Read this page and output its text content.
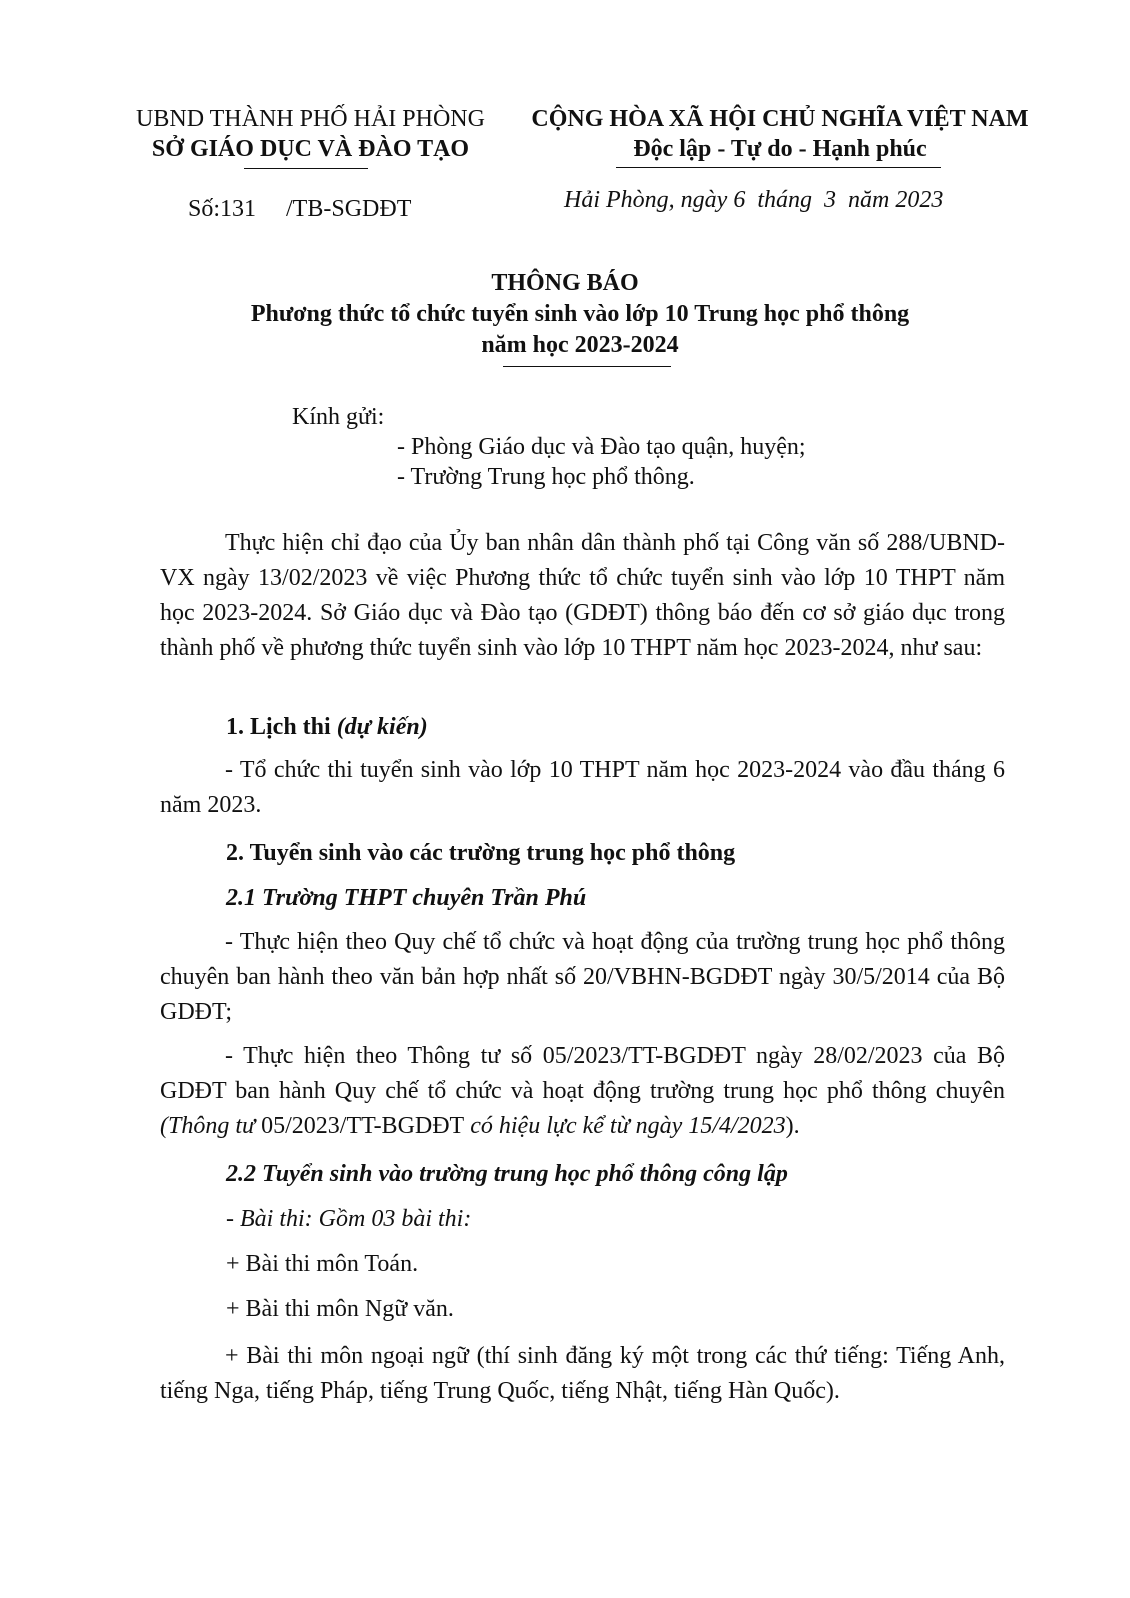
UBND THÀNH PHỐ HẢI PHÒNG
SỞ GIÁO DỤC VÀ ĐÀO TẠO
CỘNG HÒA XÃ HỘI CHỦ NGHĨA VIỆT NAM
Độc lập - Tự do - Hạnh phúc
Số:131     /TB-SGDĐT	Hải Phòng, ngày 6  tháng  3  năm 2023
THÔNG BÁO
Phương thức tổ chức tuyển sinh vào lớp 10 Trung học phổ thông
năm học 2023-2024
Kính gửi:
- Phòng Giáo dục và Đào tạo quận, huyện;
- Trường Trung học phổ thông.
Thực hiện chỉ đạo của Ủy ban nhân dân thành phố tại Công văn số 288/UBND-VX ngày 13/02/2023 về việc Phương thức tổ chức tuyển sinh vào lớp 10 THPT năm học 2023-2024. Sở Giáo dục và Đào tạo (GDĐT) thông báo đến cơ sở giáo dục trong thành phố về phương thức tuyển sinh vào lớp 10 THPT năm học 2023-2024, như sau:
1. Lịch thi (dự kiến)
- Tổ chức thi tuyển sinh vào lớp 10 THPT năm học 2023-2024 vào đầu tháng 6 năm 2023.
2. Tuyển sinh vào các trường trung học phổ thông
2.1 Trường THPT chuyên Trần Phú
- Thực hiện theo Quy chế tổ chức và hoạt động của trường trung học phổ thông chuyên ban hành theo văn bản hợp nhất số 20/VBHN-BGDĐT ngày 30/5/2014 của Bộ GDĐT;
- Thực hiện theo Thông tư số 05/2023/TT-BGDĐT ngày 28/02/2023 của Bộ GDĐT ban hành Quy chế tổ chức và hoạt động trường trung học phổ thông chuyên (Thông tư 05/2023/TT-BGDĐT có hiệu lực kể từ ngày 15/4/2023).
2.2 Tuyển sinh vào trường trung học phổ thông công lập
- Bài thi: Gồm 03 bài thi:
+ Bài thi môn Toán.
+ Bài thi môn Ngữ văn.
+ Bài thi môn ngoại ngữ (thí sinh đăng ký một trong các thứ tiếng: Tiếng Anh, tiếng Nga, tiếng Pháp, tiếng Trung Quốc, tiếng Nhật, tiếng Hàn Quốc).
